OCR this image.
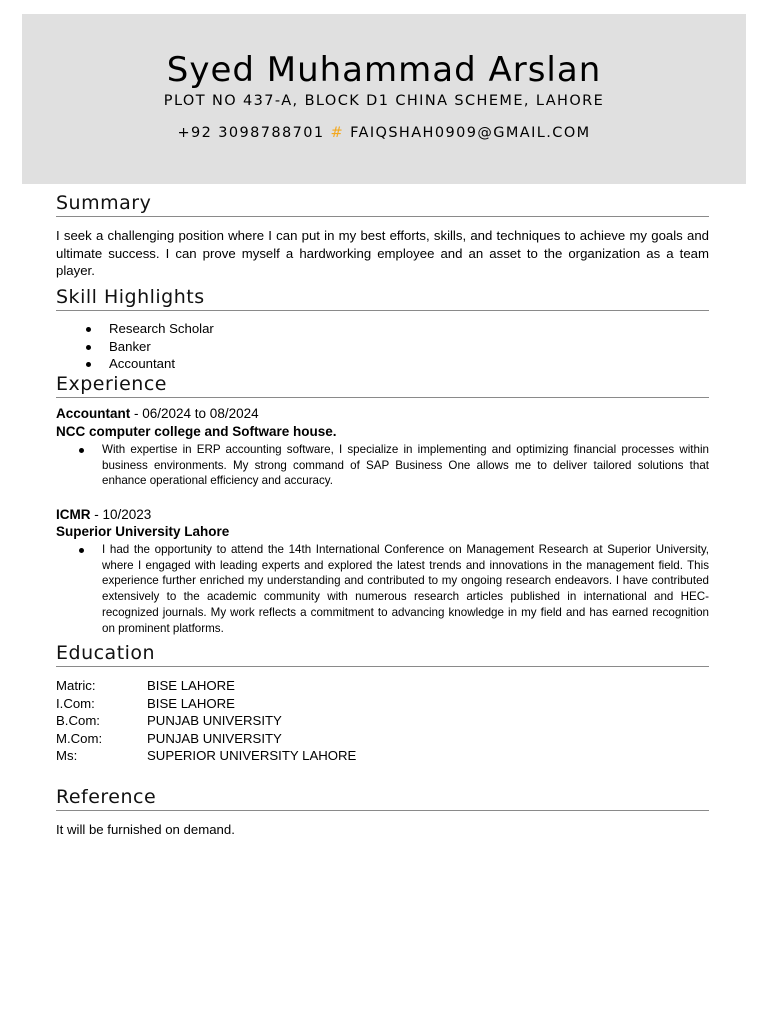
Syed Muhammad Arslan
PLOT NO 437-A, BLOCK D1 CHINA SCHEME, LAHORE
+92 3098788701 # FAIQSHAH0909@GMAIL.COM
Summary
I seek a challenging position where I can put in my best efforts, skills, and techniques to achieve my goals and ultimate success. I can prove myself a hardworking employee and an asset to the organization as a team player.
Skill Highlights
Research Scholar
Banker
Accountant
Experience
Accountant - 06/2024 to 08/2024
NCC computer college and Software house.
With expertise in ERP accounting software, I specialize in implementing and optimizing financial processes within business environments. My strong command of SAP Business One allows me to deliver tailored solutions that enhance operational efficiency and accuracy.
ICMR - 10/2023
Superior University Lahore
I had the opportunity to attend the 14th International Conference on Management Research at Superior University, where I engaged with leading experts and explored the latest trends and innovations in the management field. This experience further enriched my understanding and contributed to my ongoing research endeavors. I have contributed extensively to the academic community with numerous research articles published in international and HEC-recognized journals. My work reflects a commitment to advancing knowledge in my field and has earned recognition on prominent platforms.
Education
Matric:	BISE LAHORE
I.Com:	BISE LAHORE
B.Com:	PUNJAB UNIVERSITY
M.Com:	PUNJAB UNIVERSITY
Ms:	SUPERIOR UNIVERSITY LAHORE
Reference
It will be furnished on demand.
